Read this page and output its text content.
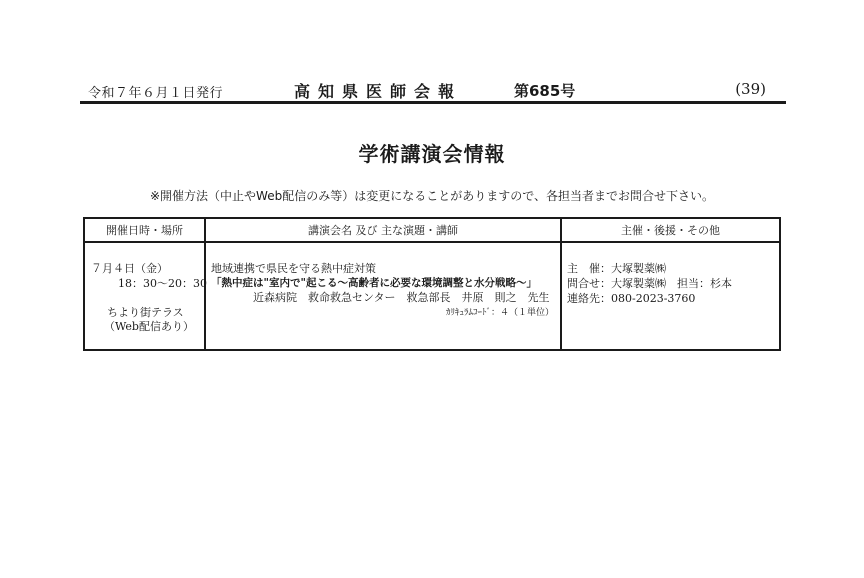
令和７年６月１日発行	高知県医師会報	第685号	(39)
学術講演会情報
※開催方法（中止やWeb配信のみ等）は変更になることがありますので、各担当者までお問合せ下さい。
開催日時・場所	講演会名 及び 主な演題・講師	主催・後援・その他

７月４日（金）
18：30～20：30
ちより街テラス
（Web配信あり）	地域連携で県民を守る熱中症対策
「熱中症は"室内で"起こる～高齢者に必要な環境調整と水分戦略～」
近森病院　救命救急センター　救急部長　井原　則之　先生
ｶﾘｷｭﾗﾑｺｰﾄﾞ：４（１単位）	主　催：大塚製薬㈱
問合せ：大塚製薬㈱　担当：杉本
連絡先：080-2023-3760
